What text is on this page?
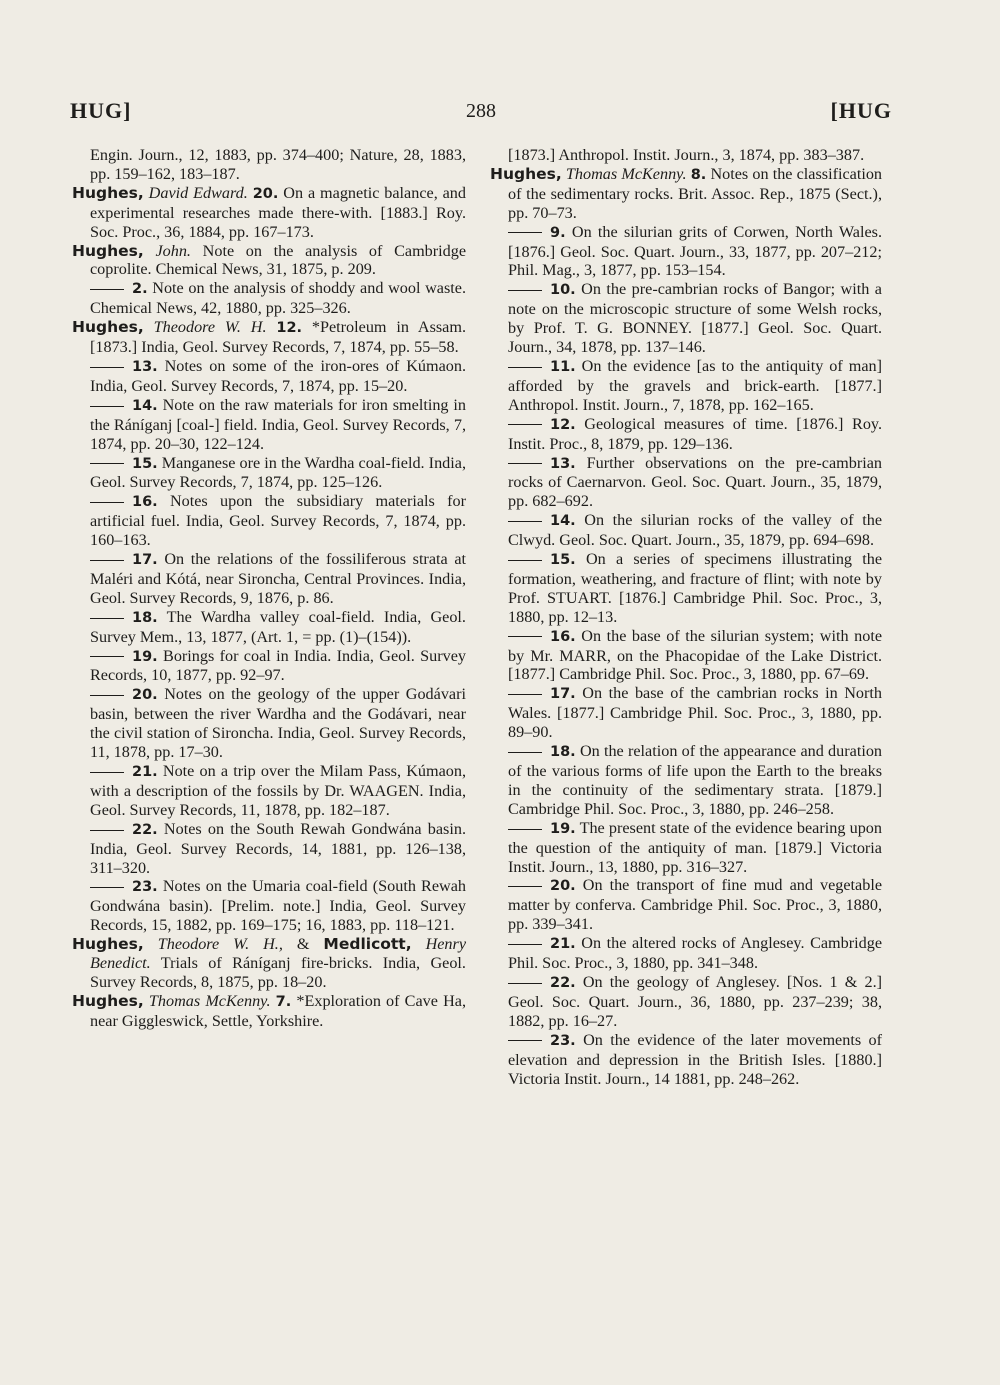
HUG]	288	[HUG

Engin. Journ., 12, 1883, pp. 374–400; Nature, 28, 1883, pp. 159–162, 183–187.

Hughes, David Edward. 20. On a magnetic balance, and experimental researches made there-with. [1883.] Roy. Soc. Proc., 36, 1884, pp. 167–173.

Hughes, John. Note on the analysis of Cambridge coprolite. Chemical News, 31, 1875, p. 209.

2. Note on the analysis of shoddy and wool waste. Chemical News, 42, 1880, pp. 325–326.

Hughes, Theodore W. H. 12. *Petroleum in Assam. [1873.] India, Geol. Survey Records, 7, 1874, pp. 55–58.

13. Notes on some of the iron-ores of Kúmaon. India, Geol. Survey Records, 7, 1874, pp. 15–20.

14. Note on the raw materials for iron smelting in the Ráníganj [coal-] field. India, Geol. Survey Records, 7, 1874, pp. 20–30, 122–124.

15. Manganese ore in the Wardha coal-field. India, Geol. Survey Records, 7, 1874, pp. 125–126.

16. Notes upon the subsidiary materials for artificial fuel. India, Geol. Survey Records, 7, 1874, pp. 160–163.

17. On the relations of the fossiliferous strata at Maléri and Kótá, near Sironcha, Central Provinces. India, Geol. Survey Records, 9, 1876, p. 86.

18. The Wardha valley coal-field. India, Geol. Survey Mem., 13, 1877, (Art. 1, = pp. (1)–(154)).

19. Borings for coal in India. India, Geol. Survey Records, 10, 1877, pp. 92–97.

20. Notes on the geology of the upper Godávari basin, between the river Wardha and the Godávari, near the civil station of Sironcha. India, Geol. Survey Records, 11, 1878, pp. 17–30.

21. Note on a trip over the Milam Pass, Kúmaon, with a description of the fossils by Dr. WAAGEN. India, Geol. Survey Records, 11, 1878, pp. 182–187.

22. Notes on the South Rewah Gondwána basin. India, Geol. Survey Records, 14, 1881, pp. 126–138, 311–320.

23. Notes on the Umaria coal-field (South Rewah Gondwána basin). [Prelim. note.] India, Geol. Survey Records, 15, 1882, pp. 169–175; 16, 1883, pp. 118–121.

Hughes, Theodore W. H., & Medlicott, Henry Benedict. Trials of Ráníganj fire-bricks. India, Geol. Survey Records, 8, 1875, pp. 18–20.

Hughes, Thomas McKenny. 7. *Exploration of Cave Ha, near Giggleswick, Settle, Yorkshire.

[1873.] Anthropol. Instit. Journ., 3, 1874, pp. 383–387.

Hughes, Thomas McKenny. 8. Notes on the classification of the sedimentary rocks. Brit. Assoc. Rep., 1875 (Sect.), pp. 70–73.

9. On the silurian grits of Corwen, North Wales. [1876.] Geol. Soc. Quart. Journ., 33, 1877, pp. 207–212; Phil. Mag., 3, 1877, pp. 153–154.

10. On the pre-cambrian rocks of Bangor; with a note on the microscopic structure of some Welsh rocks, by Prof. T. G. BONNEY. [1877.] Geol. Soc. Quart. Journ., 34, 1878, pp. 137–146.

11. On the evidence [as to the antiquity of man] afforded by the gravels and brick-earth. [1877.] Anthropol. Instit. Journ., 7, 1878, pp. 162–165.

12. Geological measures of time. [1876.] Roy. Instit. Proc., 8, 1879, pp. 129–136.

13. Further observations on the pre-cambrian rocks of Caernarvon. Geol. Soc. Quart. Journ., 35, 1879, pp. 682–692.

14. On the silurian rocks of the valley of the Clwyd. Geol. Soc. Quart. Journ., 35, 1879, pp. 694–698.

15. On a series of specimens illustrating the formation, weathering, and fracture of flint; with note by Prof. STUART. [1876.] Cambridge Phil. Soc. Proc., 3, 1880, pp. 12–13.

16. On the base of the silurian system; with note by Mr. MARR, on the Phacopidae of the Lake District. [1877.] Cambridge Phil. Soc. Proc., 3, 1880, pp. 67–69.

17. On the base of the cambrian rocks in North Wales. [1877.] Cambridge Phil. Soc. Proc., 3, 1880, pp. 89–90.

18. On the relation of the appearance and duration of the various forms of life upon the Earth to the breaks in the continuity of the sedimentary strata. [1879.] Cambridge Phil. Soc. Proc., 3, 1880, pp. 246–258.

19. The present state of the evidence bearing upon the question of the antiquity of man. [1879.] Victoria Instit. Journ., 13, 1880, pp. 316–327.

20. On the transport of fine mud and vegetable matter by conferva. Cambridge Phil. Soc. Proc., 3, 1880, pp. 339–341.

21. On the altered rocks of Anglesey. Cambridge Phil. Soc. Proc., 3, 1880, pp. 341–348.

22. On the geology of Anglesey. [Nos. 1 & 2.] Geol. Soc. Quart. Journ., 36, 1880, pp. 237–239; 38, 1882, pp. 16–27.

23. On the evidence of the later movements of elevation and depression in the British Isles. [1880.] Victoria Instit. Journ., 14 1881, pp. 248–262.
